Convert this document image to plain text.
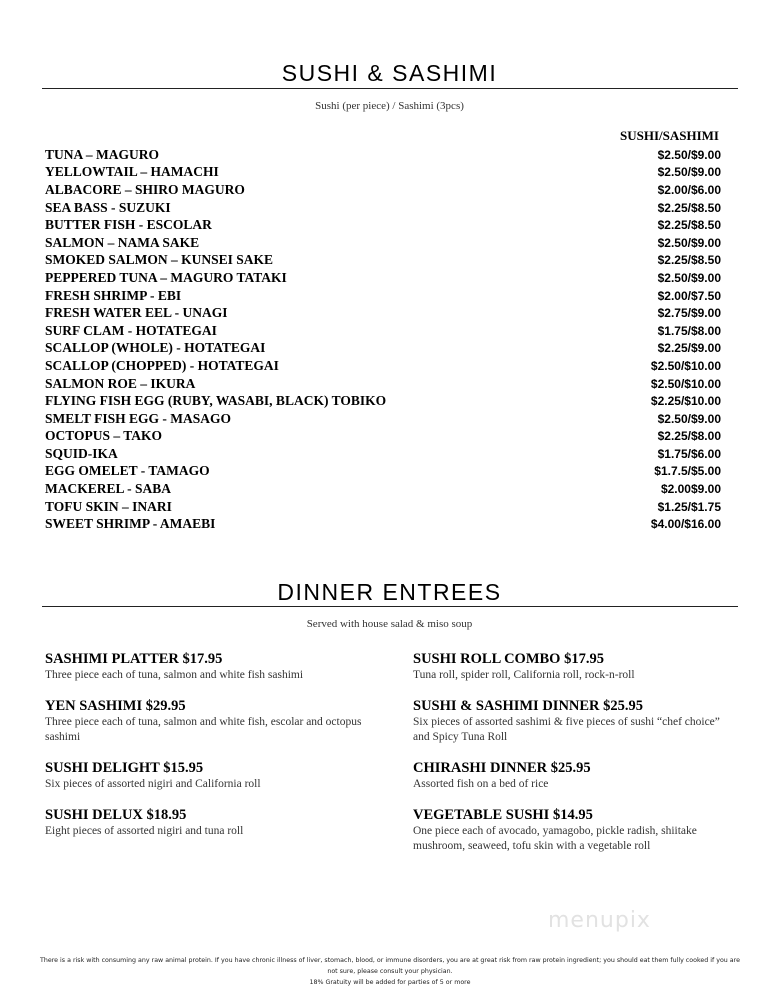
SUSHI & SASHIMI
Sushi (per piece) / Sashimi (3pcs)
SUSHI/SASHIMI
TUNA – MAGURO	$2.50/$9.00
YELLOWTAIL – HAMACHI	$2.50/$9.00
ALBACORE – SHIRO MAGURO	$2.00/$6.00
SEA BASS - SUZUKI	$2.25/$8.50
BUTTER FISH - ESCOLAR	$2.25/$8.50
SALMON – NAMA SAKE	$2.50/$9.00
SMOKED SALMON – KUNSEI SAKE	$2.25/$8.50
PEPPERED TUNA – MAGURO TATAKI	$2.50/$9.00
FRESH SHRIMP - EBI	$2.00/$7.50
FRESH WATER EEL - UNAGI	$2.75/$9.00
SURF CLAM - HOTATEGAI	$1.75/$8.00
SCALLOP (WHOLE) - HOTATEGAI	$2.25/$9.00
SCALLOP (CHOPPED) - HOTATEGAI	$2.50/$10.00
SALMON ROE – IKURA	$2.50/$10.00
FLYING FISH EGG (RUBY, WASABI, BLACK) TOBIKO	$2.25/$10.00
SMELT FISH EGG - MASAGO	$2.50/$9.00
OCTOPUS – TAKO	$2.25/$8.00
SQUID-IKA	$1.75/$6.00
EGG OMELET - TAMAGO	$1.7.5/$5.00
MACKEREL - SABA	$2.00$9.00
TOFU SKIN – INARI	$1.25/$1.75
SWEET SHRIMP - AMAEBI	$4.00/$16.00
DINNER ENTREES
Served with house salad & miso soup
SASHIMI PLATTER $17.95
Three piece each of tuna, salmon and white fish sashimi
YEN SASHIMI $29.95
Three piece each of tuna, salmon and white fish, escolar and octopus sashimi
SUSHI DELIGHT $15.95
Six pieces of assorted nigiri and California roll
SUSHI DELUX $18.95
Eight pieces of assorted nigiri and tuna roll
SUSHI ROLL COMBO $17.95
Tuna roll, spider roll, California roll, rock-n-roll
SUSHI & SASHIMI DINNER $25.95
Six pieces of assorted sashimi & five pieces of sushi “chef choice” and Spicy Tuna Roll
CHIRASHI DINNER $25.95
Assorted fish on a bed of rice
VEGETABLE SUSHI $14.95
One piece each of avocado, yamagobo, pickle radish, shiitake mushroom, seaweed, tofu skin with a vegetable roll
menupix
There is a risk with consuming any raw animal protein. If you have chronic illness of liver, stomach, blood, or immune disorders, you are at great risk from raw protein ingredient; you should eat them fully cooked if you are not sure, please consult your physician.
18% Gratuity will be added for parties of 5 or more
